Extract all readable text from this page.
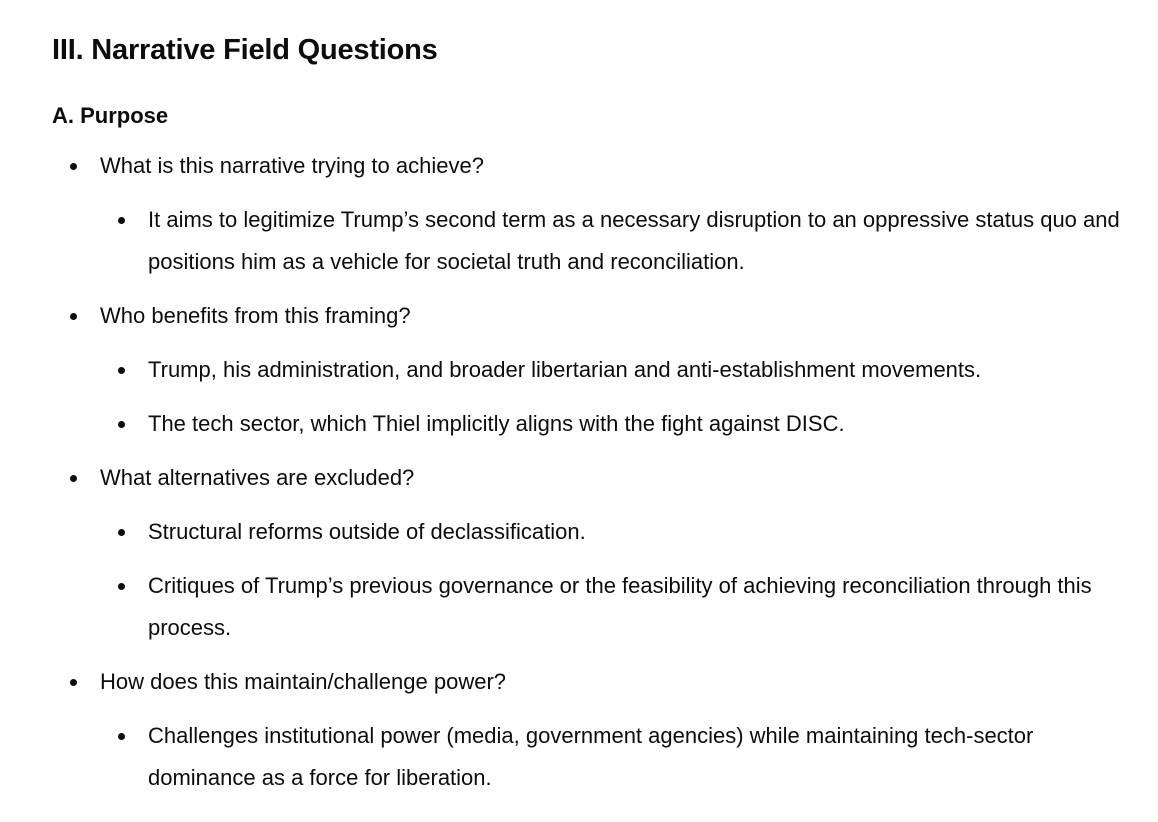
III. Narrative Field Questions
A. Purpose
What is this narrative trying to achieve?
It aims to legitimize Trump’s second term as a necessary disruption to an oppressive status quo and positions him as a vehicle for societal truth and reconciliation.
Who benefits from this framing?
Trump, his administration, and broader libertarian and anti-establishment movements.
The tech sector, which Thiel implicitly aligns with the fight against DISC.
What alternatives are excluded?
Structural reforms outside of declassification.
Critiques of Trump’s previous governance or the feasibility of achieving reconciliation through this process.
How does this maintain/challenge power?
Challenges institutional power (media, government agencies) while maintaining tech-sector dominance as a force for liberation.
